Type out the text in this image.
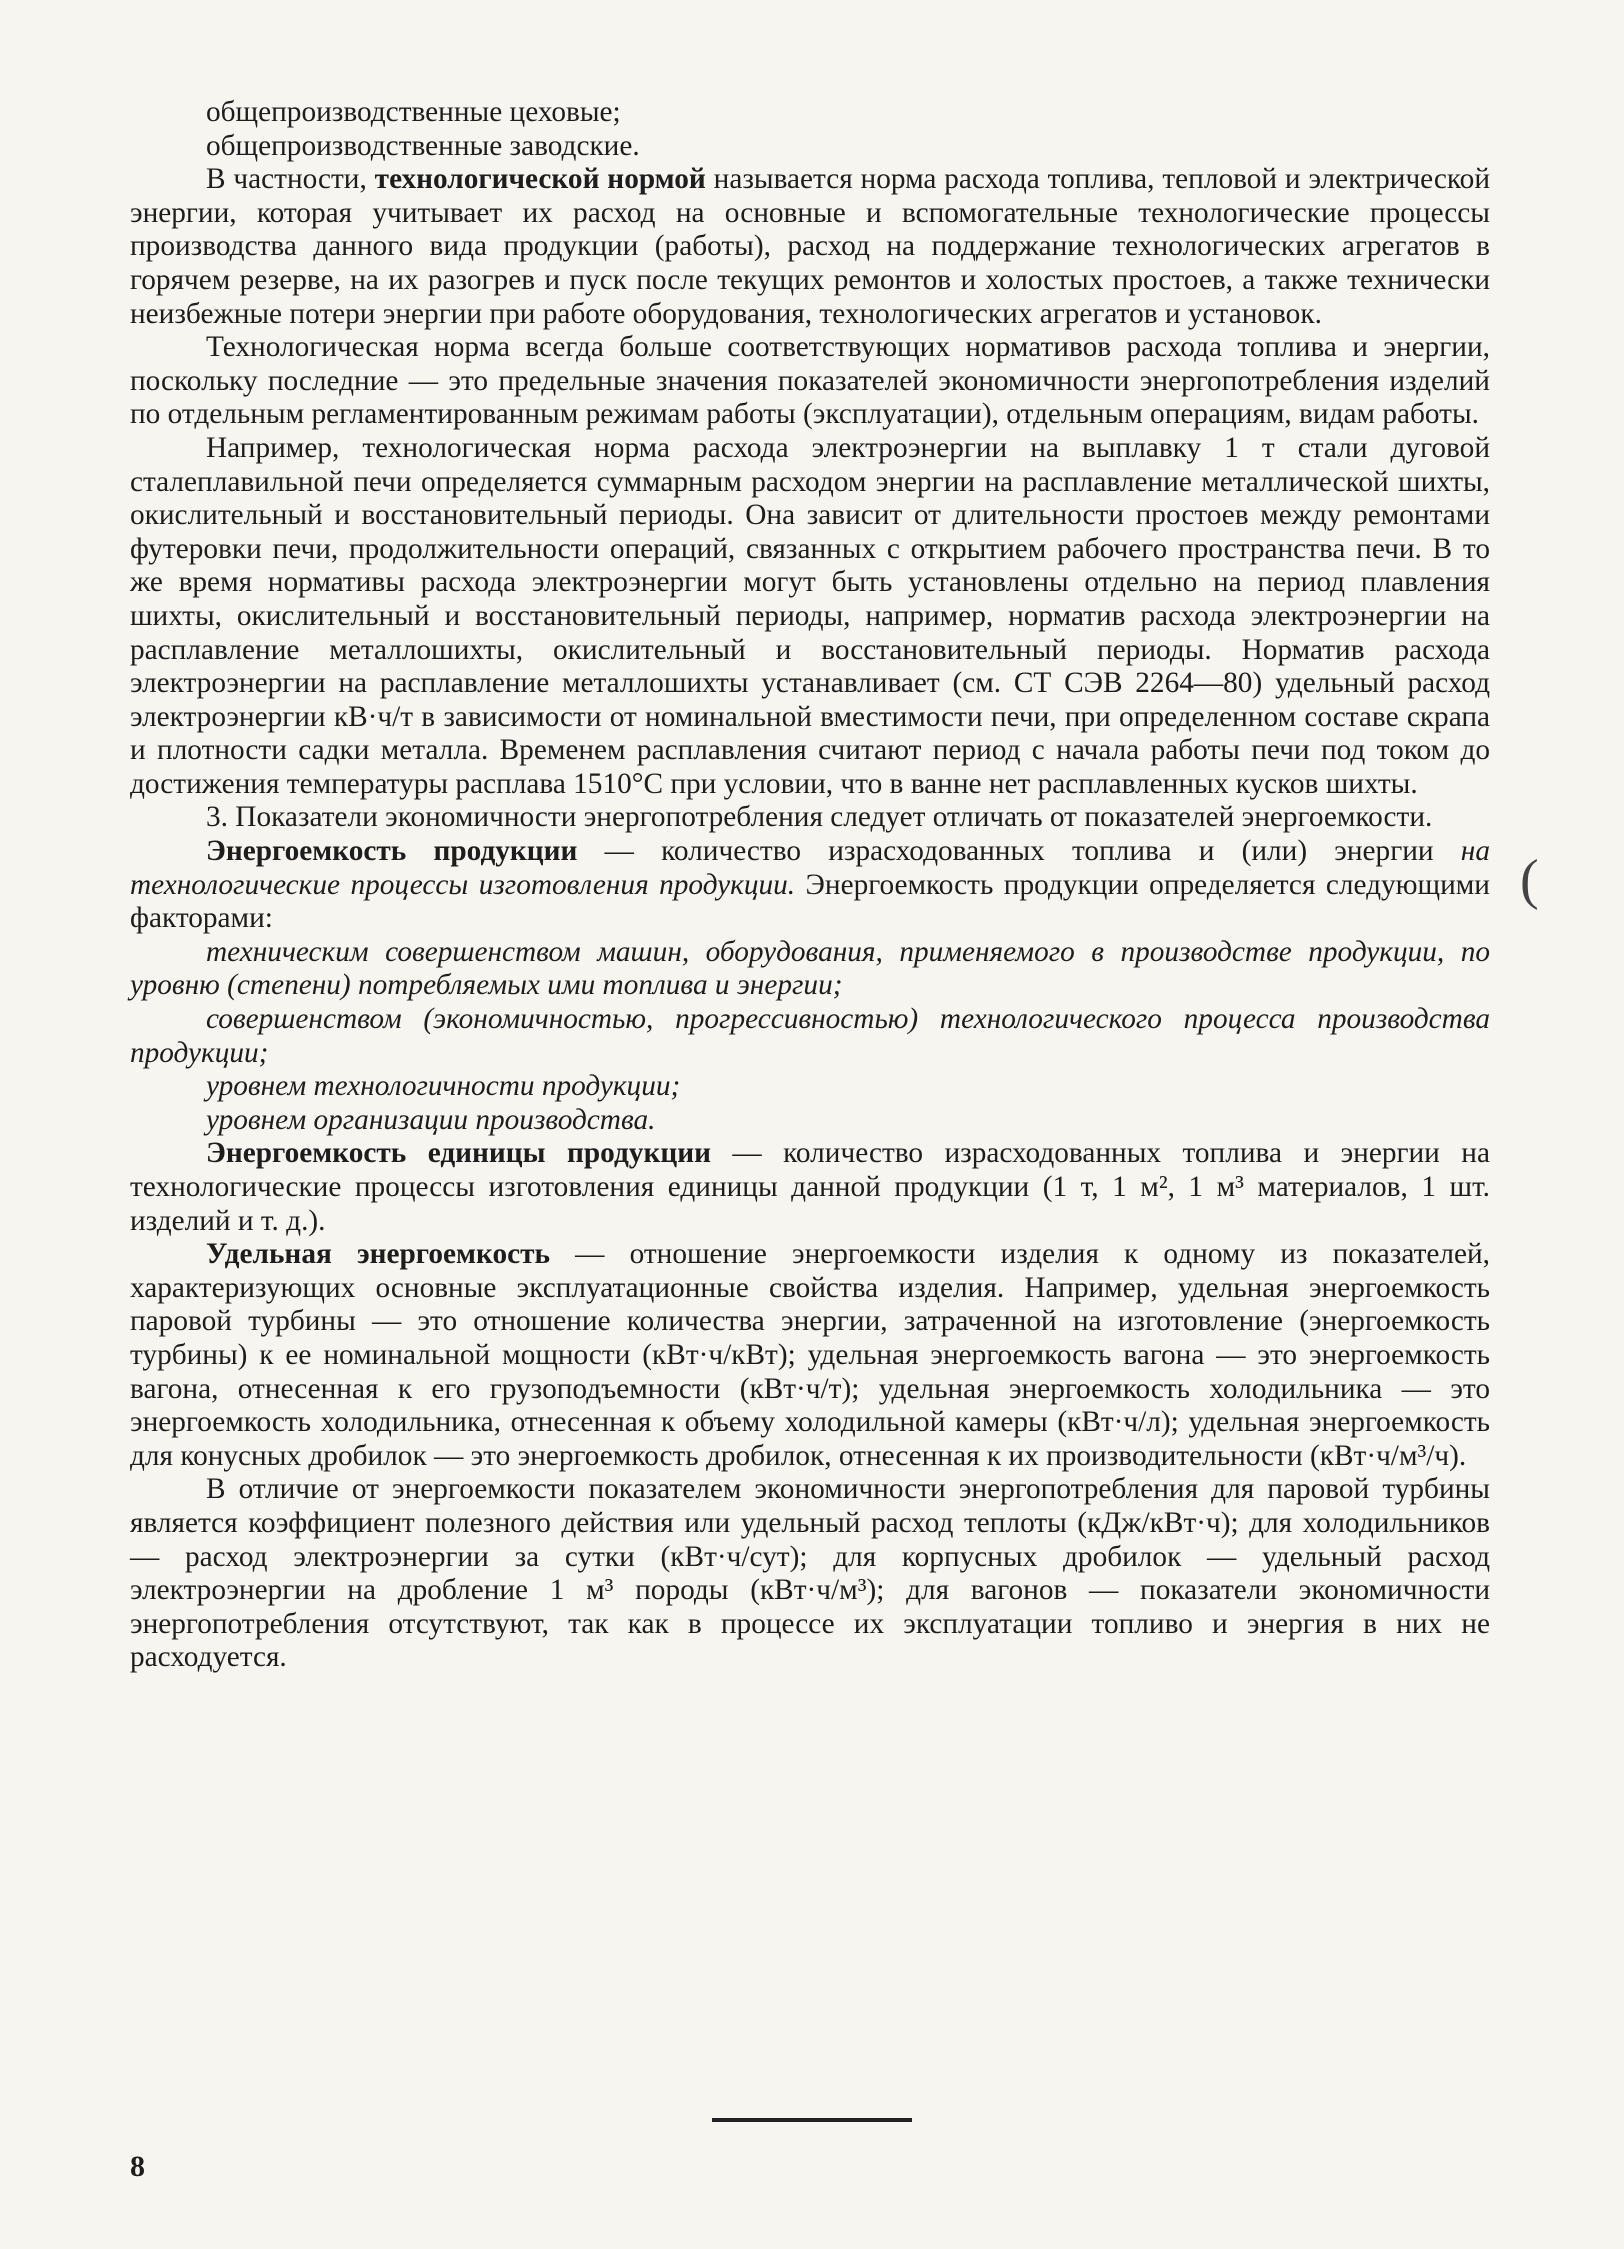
общепроизводственные цеховые;

общепроизводственные заводские.

В частности, технологической нормой называется норма расхода топлива, тепловой и электрической энергии, которая учитывает их расход на основные и вспомогательные технологические процессы производства данного вида продукции (работы), расход на поддержание технологических агрегатов в горячем резерве, на их разогрев и пуск после текущих ремонтов и холостых простоев, а также технически неизбежные потери энергии при работе оборудования, технологических агрегатов и установок.

Технологическая норма всегда больше соответствующих нормативов расхода топлива и энергии, поскольку последние — это предельные значения показателей экономичности энергопотребления изделий по отдельным регламентированным режимам работы (эксплуатации), отдельным операциям, видам работы.

Например, технологическая норма расхода электроэнергии на выплавку 1 т стали дуговой сталеплавильной печи определяется суммарным расходом энергии на расплавление металлической шихты, окислительный и восстановительный периоды. Она зависит от длительности простоев между ремонтами футеровки печи, продолжительности операций, связанных с открытием рабочего пространства печи. В то же время нормативы расхода электроэнергии могут быть установлены отдельно на период плавления шихты, окислительный и восстановительный периоды, например, норматив расхода электроэнергии на расплавление металлошихты, окислительный и восстановительный периоды. Норматив расхода электроэнергии на расплавление металлошихты устанавливает (см. СТ СЭВ 2264—80) удельный расход электроэнергии кВ·ч/т в зависимости от номинальной вместимости печи, при определенном составе скрапа и плотности садки металла. Временем расплавления считают период с начала работы печи под током до достижения температуры расплава 1510°С при условии, что в ванне нет расплавленных кусков шихты.

3. Показатели экономичности энергопотребления следует отличать от показателей энергоемкости.

Энергоемкость продукции — количество израсходованных топлива и (или) энергии на технологические процессы изготовления продукции. Энергоемкость продукции определяется следующими факторами:

техническим совершенством машин, оборудования, применяемого в производстве продукции, по уровню (степени) потребляемых ими топлива и энергии;

совершенством (экономичностью, прогрессивностью) технологического процесса производства продукции;

уровнем технологичности продукции;

уровнем организации производства.

Энергоемкость единицы продукции — количество израсходованных топлива и энергии на технологические процессы изготовления единицы данной продукции (1 т, 1 м², 1 м³ материалов, 1 шт. изделий и т. д.).

Удельная энергоемкость — отношение энергоемкости изделия к одному из показателей, характеризующих основные эксплуатационные свойства изделия. Например, удельная энергоемкость паровой турбины — это отношение количества энергии, затраченной на изготовление (энергоемкость турбины) к ее номинальной мощности (кВт·ч/кВт); удельная энергоемкость вагона — это энергоемкость вагона, отнесенная к его грузоподъемности (кВт·ч/т); удельная энергоемкость холодильника — это энергоемкость холодильника, отнесенная к объему холодильной камеры (кВт·ч/л); удельная энергоемкость для конусных дробилок — это энергоемкость дробилок, отнесенная к их производительности (кВт·ч/м³/ч).

В отличие от энергоемкости показателем экономичности энергопотребления для паровой турбины является коэффициент полезного действия или удельный расход теплоты (кДж/кВт·ч); для холодильников — расход электроэнергии за сутки (кВт·ч/сут); для корпусных дробилок — удельный расход электроэнергии на дробление 1 м³ породы (кВт·ч/м³); для вагонов — показатели экономичности энергопотребления отсутствуют, так как в процессе их эксплуатации топливо и энергия в них не расходуется.

(
8
